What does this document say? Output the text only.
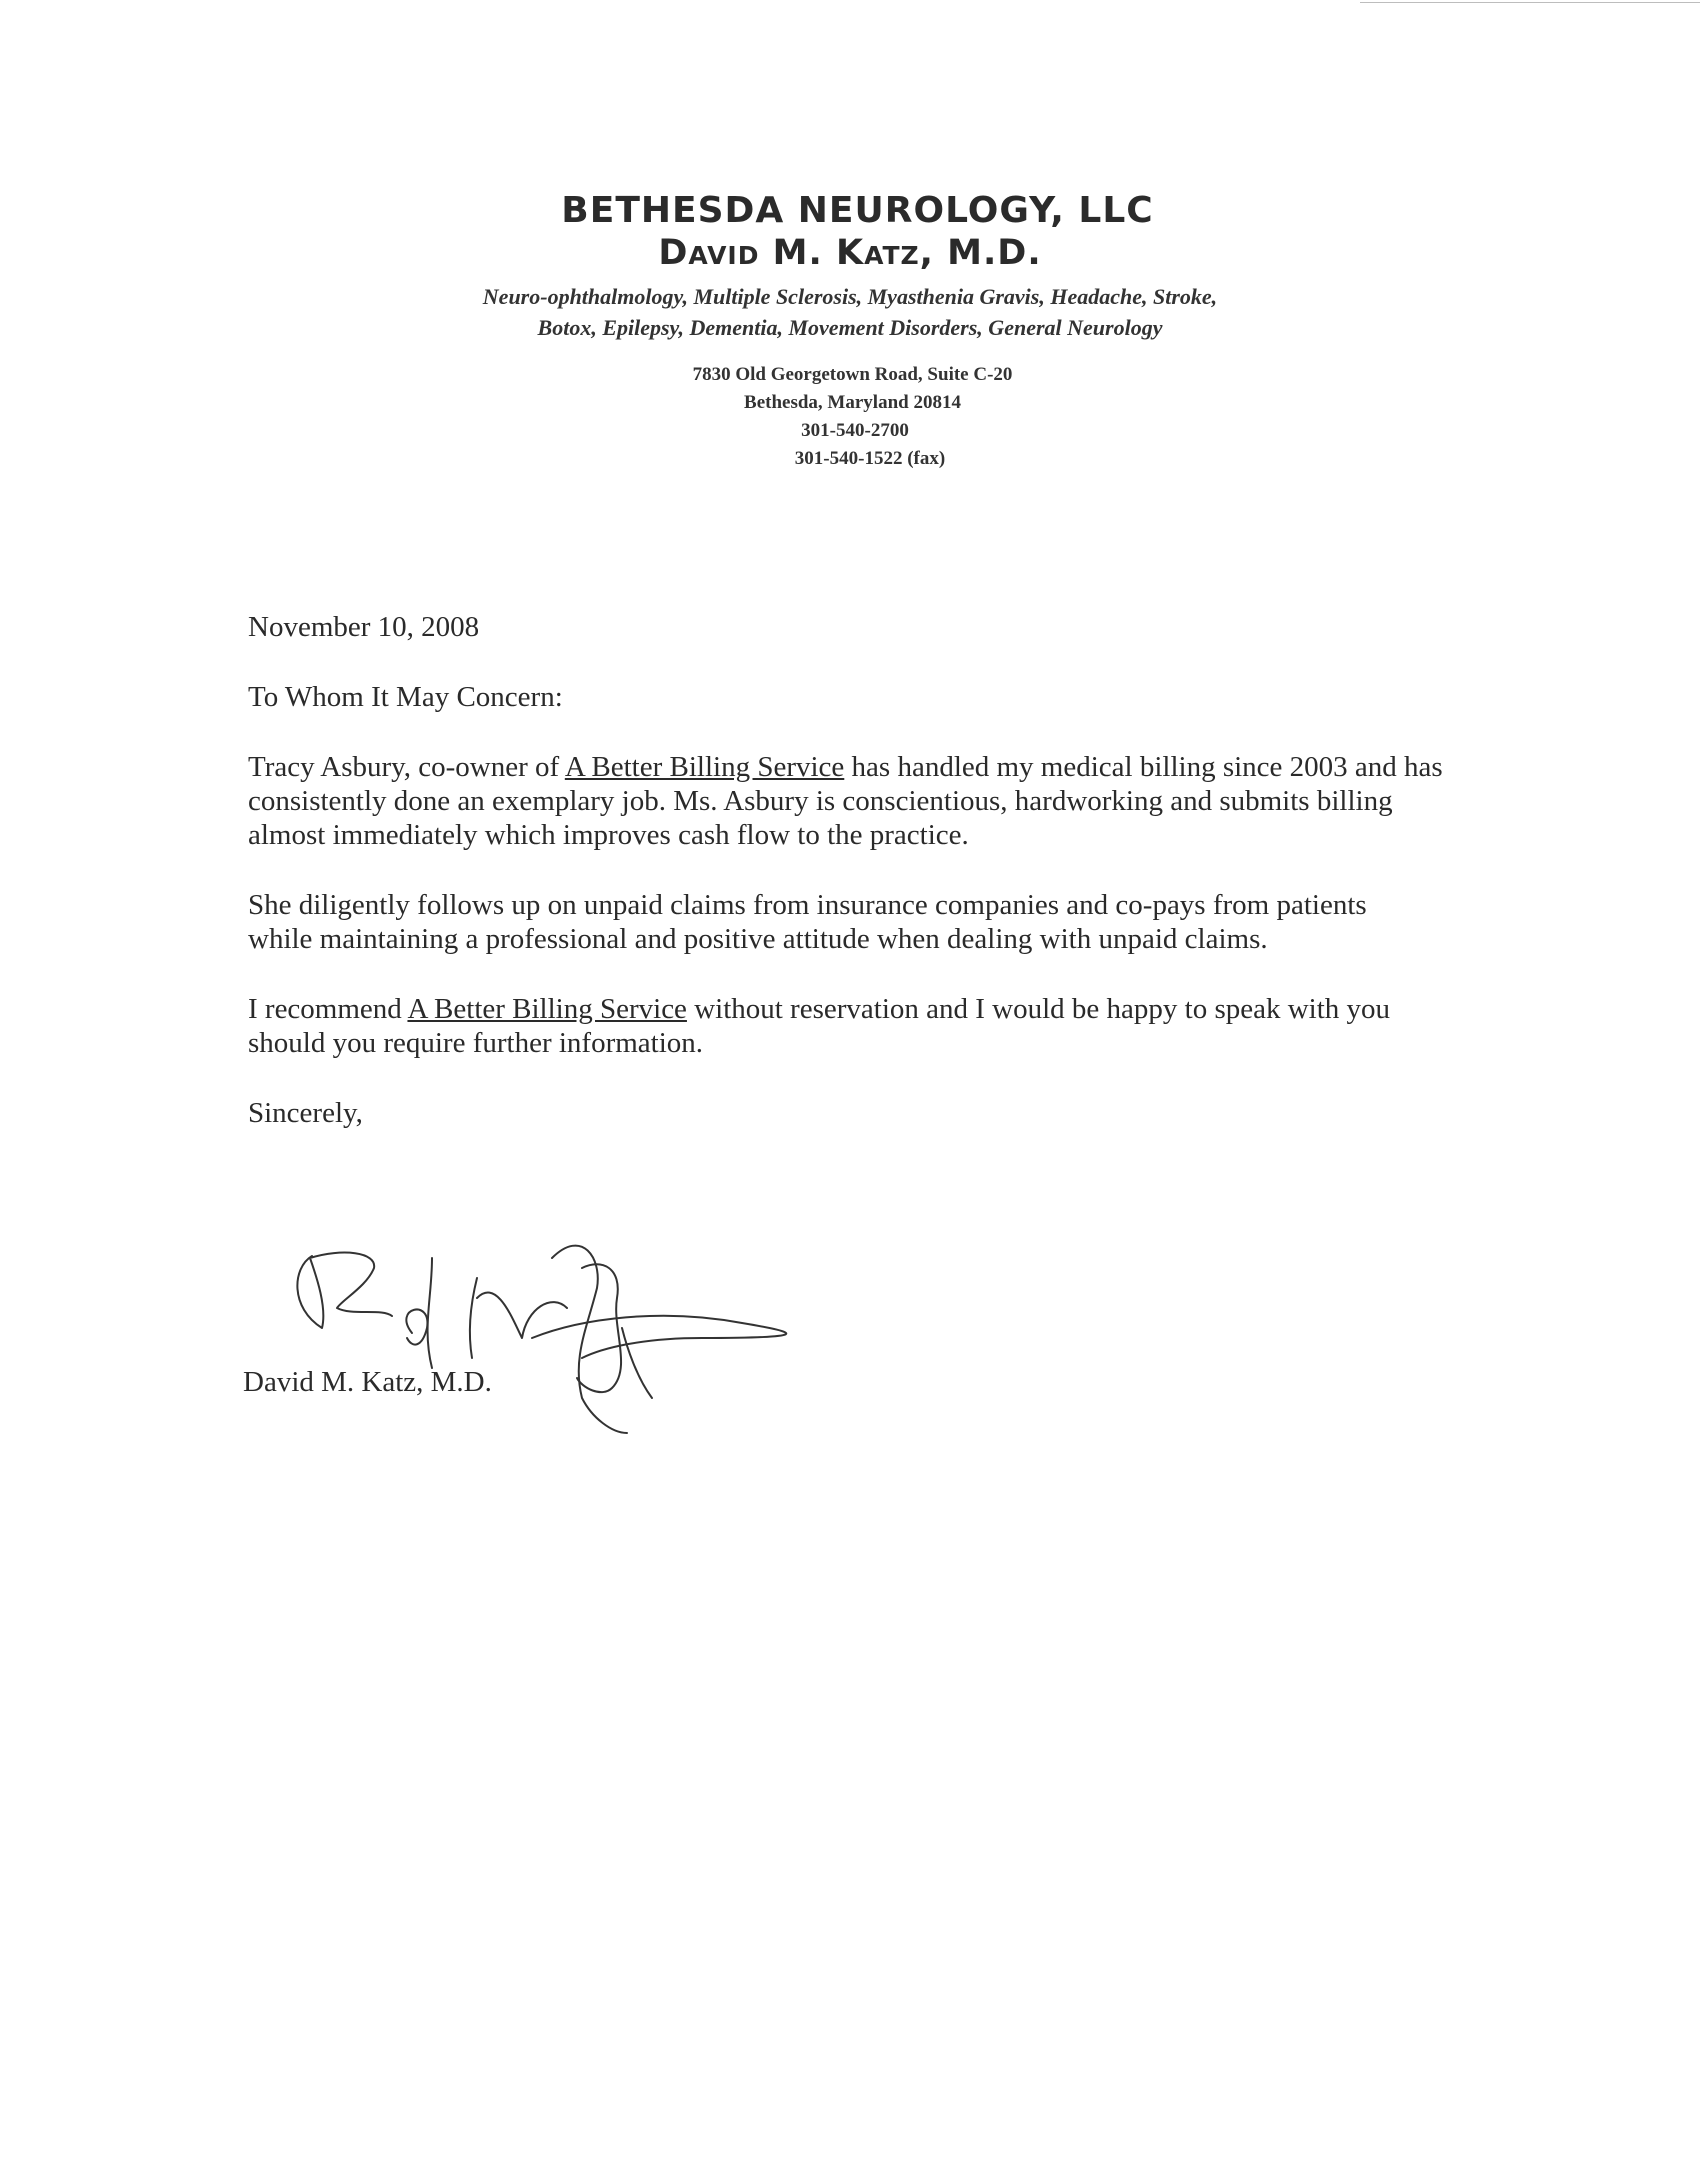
BETHESDA NEUROLOGY, LLC
David M. Katz, M.D.
Neuro-ophthalmology, Multiple Sclerosis, Myasthenia Gravis, Headache, Stroke,
Botox, Epilepsy, Dementia, Movement Disorders, General Neurology
7830 Old Georgetown Road, Suite C-20
Bethesda, Maryland 20814
301-540-2700
301-540-1522 (fax)

November 10, 2008

To Whom It May Concern:

Tracy Asbury, co-owner of A Better Billing Service has handled my medical billing since 2003 and has consistently done an exemplary job. Ms. Asbury is conscientious, hardworking and submits billing almost immediately which improves cash flow to the practice.

She diligently follows up on unpaid claims from insurance companies and co-pays from patients while maintaining a professional and positive attitude when dealing with unpaid claims.

I recommend A Better Billing Service without reservation and I would be happy to speak with you should you require further information.

Sincerely,

David M. Katz, M.D.
